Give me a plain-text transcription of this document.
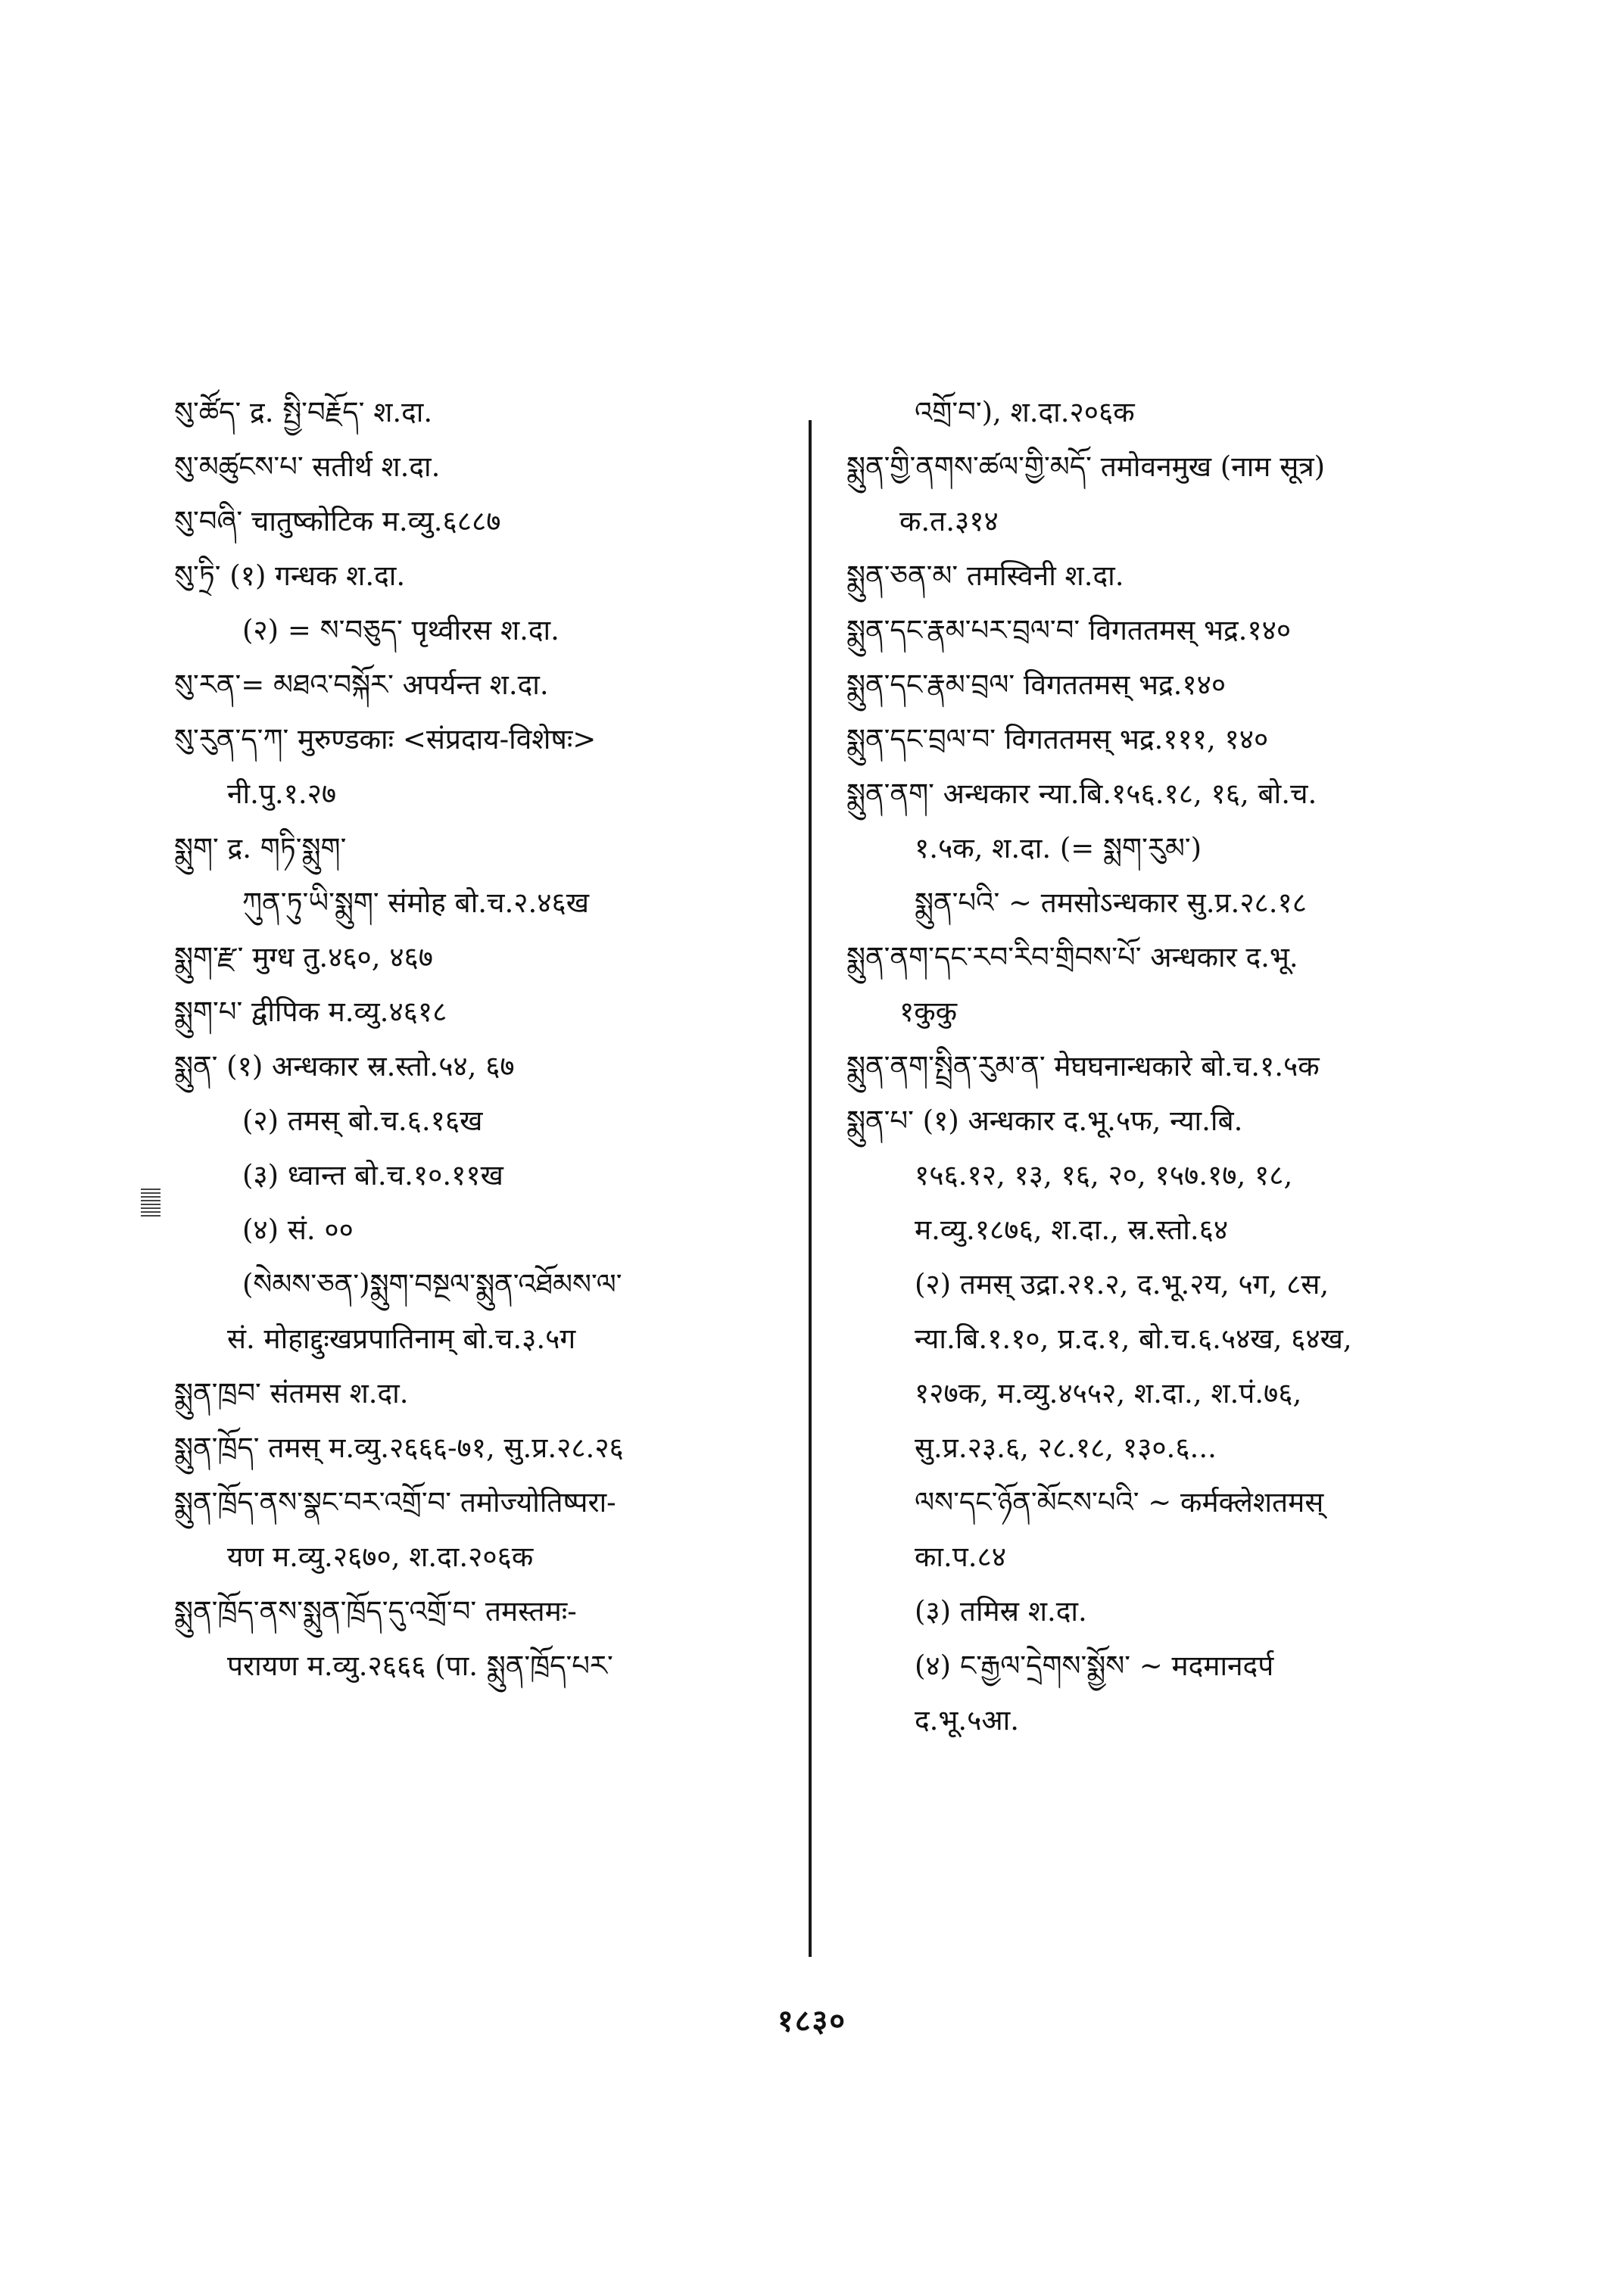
སུ་ཚོད་ द्र. སྤྱི་བརྗོད་ श.दा.
སུ་མཚུངས་པ་ सतीर्थ श.दा.
སུ་བཞི་ चातुष्कोटिक म.व्यु.६८८७
སུ་ཏྲི་ (१) गन्धक श.दा.
(२) = ས་བཅུད་ पृथ्वीरस श.दा.
སུ་རན་= མཐའ་བསྐོར་ अपर्यन्त श.दा.
སུ་རུན་ད་ཀ་ मुरुण्डकाः <संप्रदाय-विशेषः>
नी.पु.१.२७
སྨུག་ द्र. གཏི་སྨུག་
ཀུན་ཏུ་ཡི་སྨུག་ संमोह बो.च.२.४६ख
སྨུག་རྫ་ मुग्ध तु.४६०, ४६७
སྨུག་པ་ द्वीपिक म.व्यु.४६१८
སྨུན་ (१) अन्धकार स्र.स्तो.५४, ६७
(२) तमस् बो.च.६.१६ख
(३) ध्वान्त बो.च.१०.११ख
(४) सं. ००
(སེམས་ཅན་)སྨུག་བསྔལ་སྨུན་འཐོམས་ལ་
सं. मोहाद्दुःखप्रपातिनाम् बो.च.३.५ग
སྨུན་ཁྲབ་ संतमस श.दा.
སྨུན་ཁྲོད་ तमस् म.व्यु.२६६६-७१, सु.प्र.२८.२६
སྨུན་ཁྲོད་ནས་སྣང་བར་འགྲོ་བ་ तमोज्योतिष्परा-
यण म.व्यु.२६७०, श.दा.२०६क
སྨུན་ཁྲོད་ནས་སྨུན་ཁྲོད་དུ་འགྲོ་བ་ तमस्तमः-
परायण म.व्यु.२६६६ (पा. སྨུན་ཁྲོད་པར་
འགྲོ་བ་), श.दा.२०६क
སྨུན་གྱི་ནགས་ཚལ་གྱི་མདོ་ तमोवनमुख (नाम सूत्र)
क.त.३१४
སྨུན་ཅན་མ་ तमस्विनी श.दा.
སྨུན་དང་རྣམ་པར་བྲལ་བ་ विगततमस् भद्र.१४०
སྨུན་དང་རྣམ་བྲལ་ विगततमस् भद्र.१४०
སྨུན་དང་བྲལ་བ་ विगततमस् भद्र.१११, १४०
སྨུན་ནག་ अन्धकार न्या.बि.१५६.१८, १६, बो.च.
१.५क, श.दा. (= སྨག་རུམ་)
སྨུན་པའི་ ~ तमसोऽन्धकार सु.प्र.२८.१८
སྨུན་ནག་དང་རབ་རིབ་གྲིབས་པོ་ अन्धकार द.भू.
१कुकु
སྨུན་ནག་སྤྲིན་རུམ་ན་ मेघघनान्धकारे बो.च.१.५क
སྨུན་པ་ (१) अन्धकार द.भू.५फ, न्या.बि.
१५६.१२, १३, १६, २०, १५७.१७, १८,
म.व्यु.१८७६, श.दा., स्र.स्तो.६४
(२) तमस् उद्रा.२१.२, द.भू.२य, ५ग, ८स,
न्या.बि.१.१०, प्र.द.१, बो.च.६.५४ख, ६४ख,
१२७क, म.व्यु.४५५२, श.दा., श.पं.७६,
सु.प्र.२३.६, २८.१८, १३०.६...
ལས་དང་ཉོན་མོངས་པའི་ ~ कर्मक्लेशतमस्
का.प.८४
(३) तमिस्र श.दा.
(४) ང་རྒྱལ་དྲེགས་སྨྱོས་ ~ मदमानदर्प
द.भू.५आ.
१८३०
